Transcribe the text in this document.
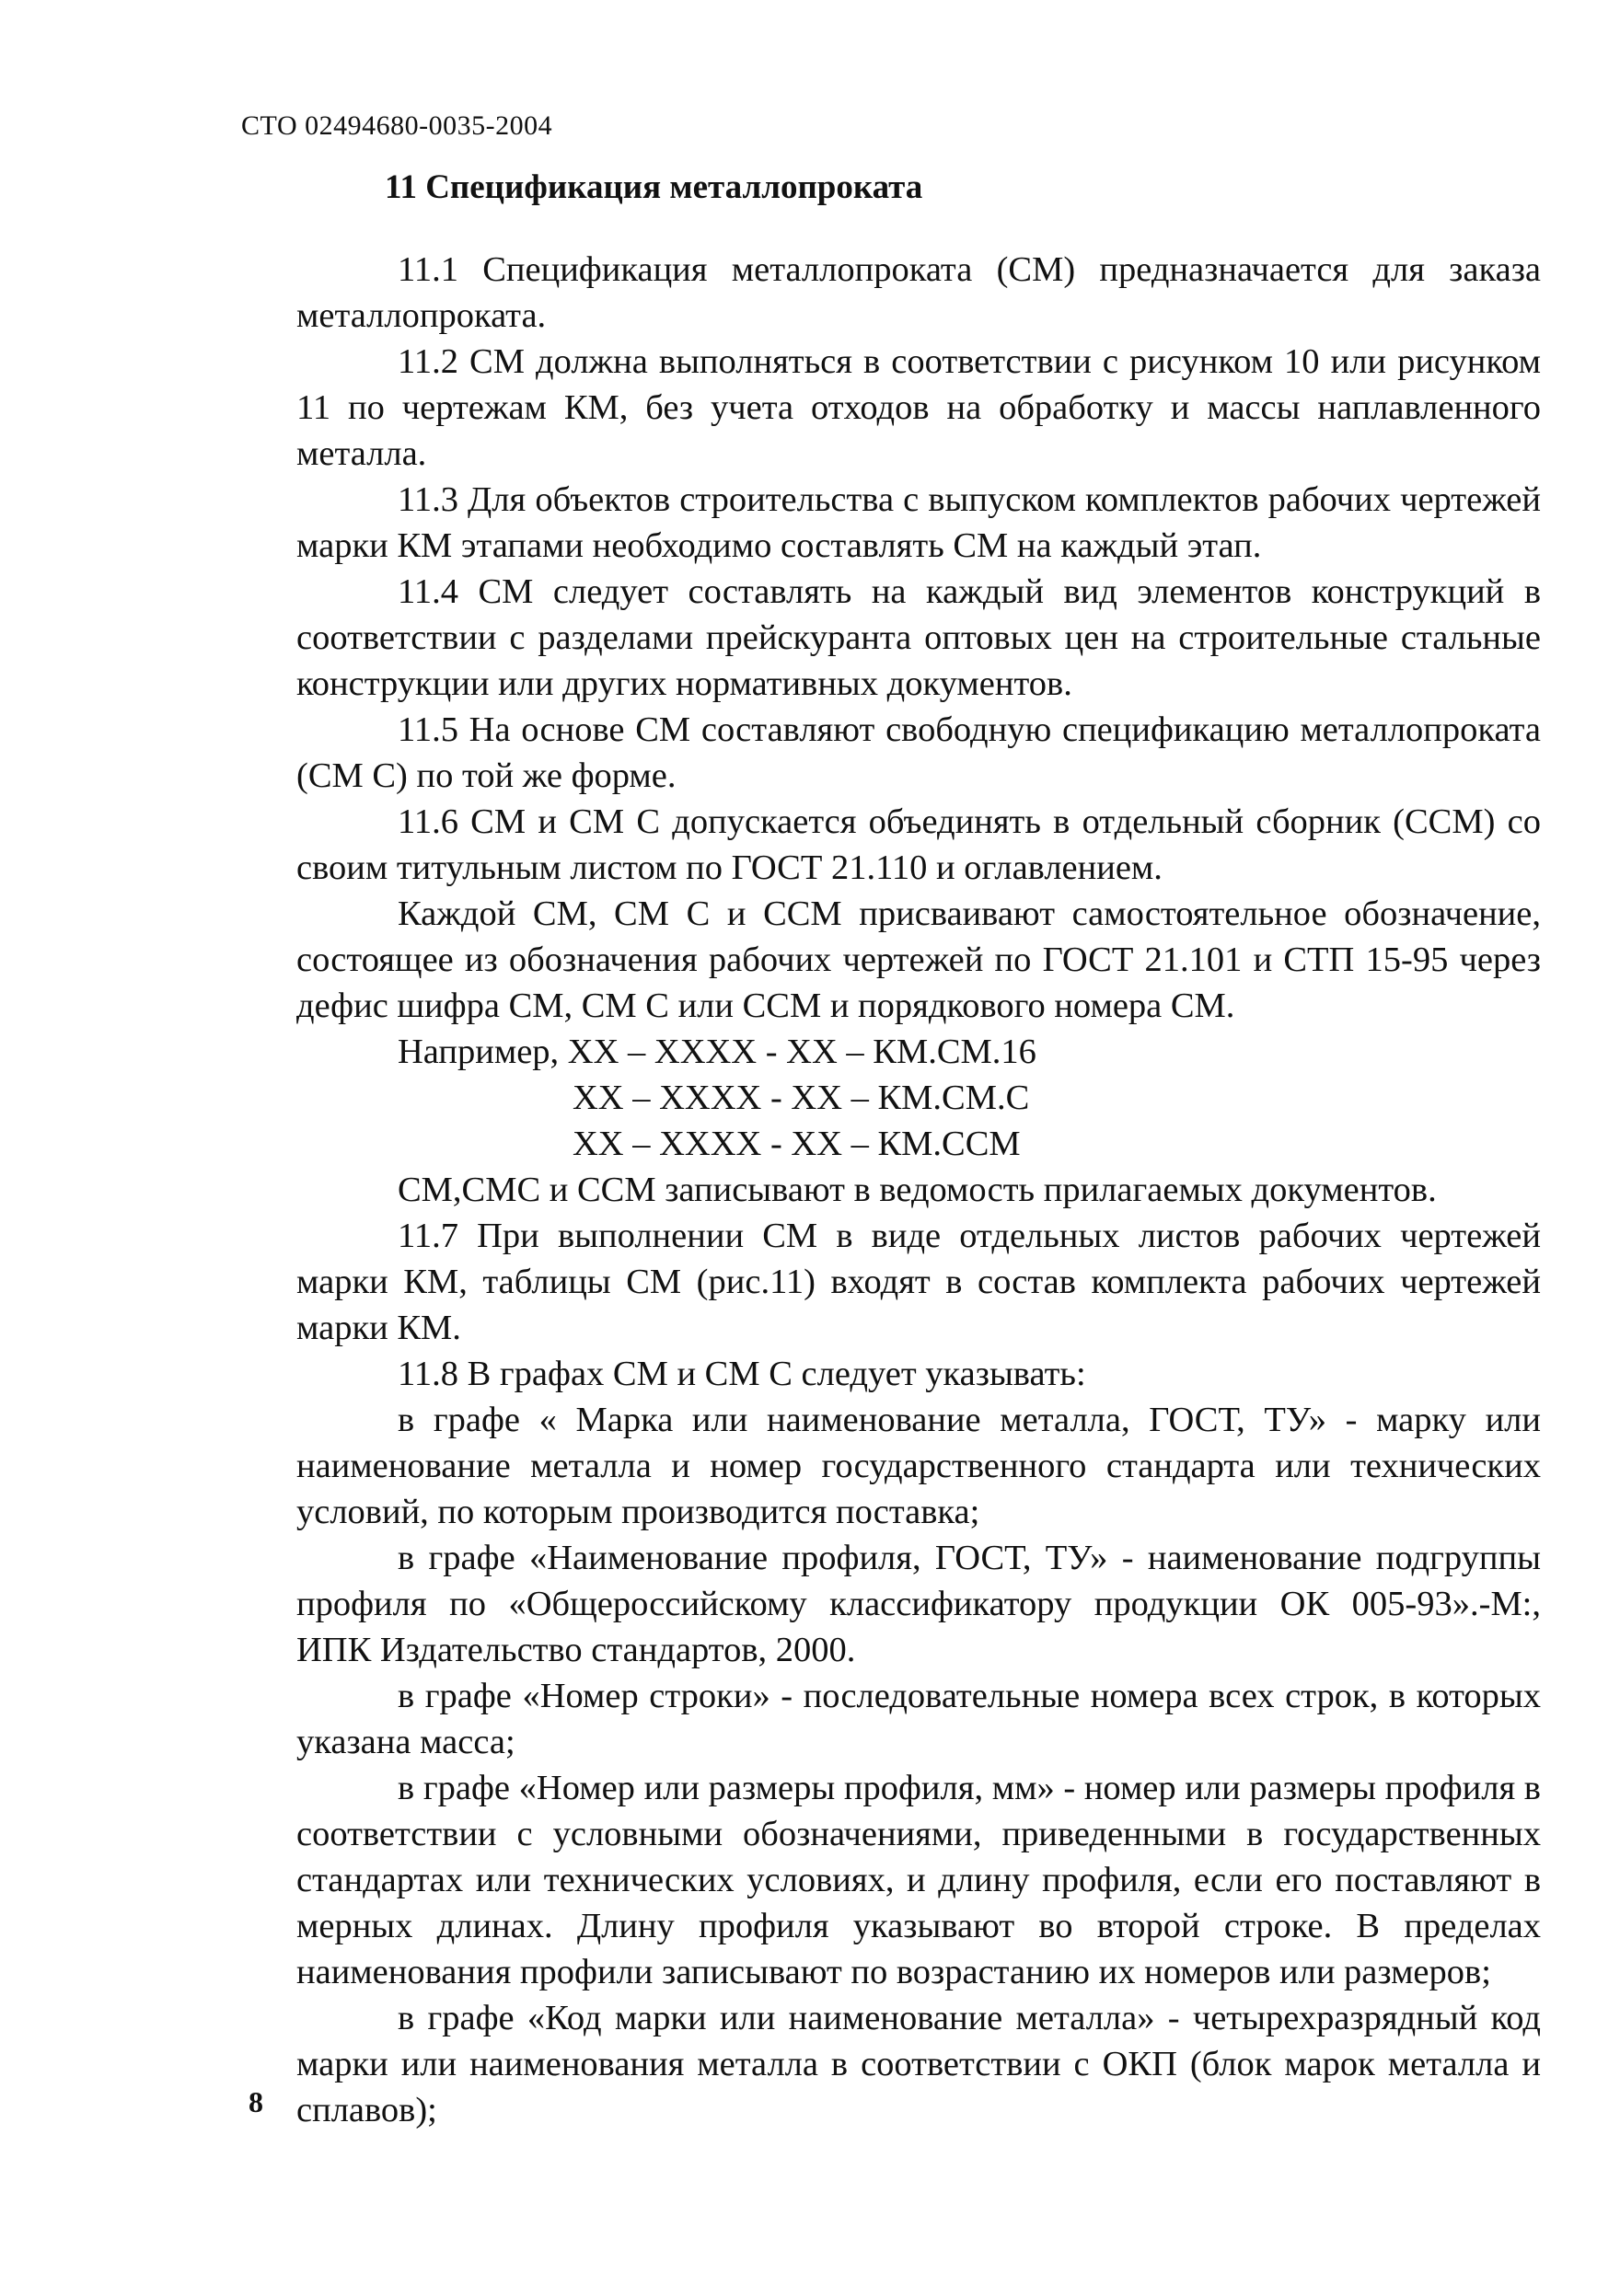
СТО 02494680-0035-2004
11 Спецификация металлопроката

11.1 Спецификация металлопроката (СМ) предназначается для заказа металлопроката.

11.2 СМ должна выполняться в соответствии с рисунком 10 или рисунком 11 по чертежам КМ, без учета отходов на обработку и массы наплавленного металла.

11.3 Для объектов строительства с выпуском комплектов рабочих чертежей марки КМ этапами необходимо составлять СМ на каждый этап.

11.4 СМ следует составлять на каждый вид элементов конструкций в соответствии с разделами прейскуранта оптовых цен на строительные стальные конструкции или других нормативных документов.

11.5 На основе СМ составляют свободную спецификацию металлопроката (СМ С) по той же форме.

11.6 СМ и СМ С допускается объединять в отдельный сборник (ССМ) со своим титульным листом по ГОСТ 21.110 и оглавлением.

Каждой СМ, СМ С и ССМ присваивают самостоятельное обозначение, состоящее из обозначения рабочих чертежей по ГОСТ 21.101 и СТП 15-95 через дефис шифра СМ, СМ С или ССМ и порядкового номера СМ.

Например, ХХ – ХХХХ - ХХ – КМ.СМ.16
ХХ – ХХХХ - ХХ – КМ.СМ.С
ХХ – ХХХХ - ХХ – КМ.ССМ

СМ,СМС и ССМ записывают в ведомость прилагаемых документов.

11.7 При выполнении СМ в виде отдельных листов рабочих чертежей марки КМ, таблицы СМ (рис.11) входят в состав комплекта рабочих чертежей марки КМ.

11.8 В графах СМ и СМ С следует указывать:

в графе « Марка или наименование металла, ГОСТ, ТУ» - марку или наименование металла и номер государственного стандарта или технических условий, по которым производится поставка;

в графе «Наименование профиля, ГОСТ, ТУ» - наименование подгруппы профиля по «Общероссийскому классификатору продукции ОК 005-93».-М:, ИПК Издательство стандартов, 2000.

в графе «Номер строки» - последовательные номера всех строк, в которых указана масса;

в графе «Номер или размеры профиля, мм» - номер или размеры профиля в соответствии с условными обозначениями, приведенными в государственных стандартах или технических условиях, и длину профиля, если его поставляют в мерных длинах. Длину профиля указывают во второй строке. В пределах наименования профили записывают по возрастанию их номеров или размеров;

в графе «Код марки или наименование металла» - четырехразрядный код марки или наименования металла в соответствии с ОКП (блок марок металла и сплавов);

8
